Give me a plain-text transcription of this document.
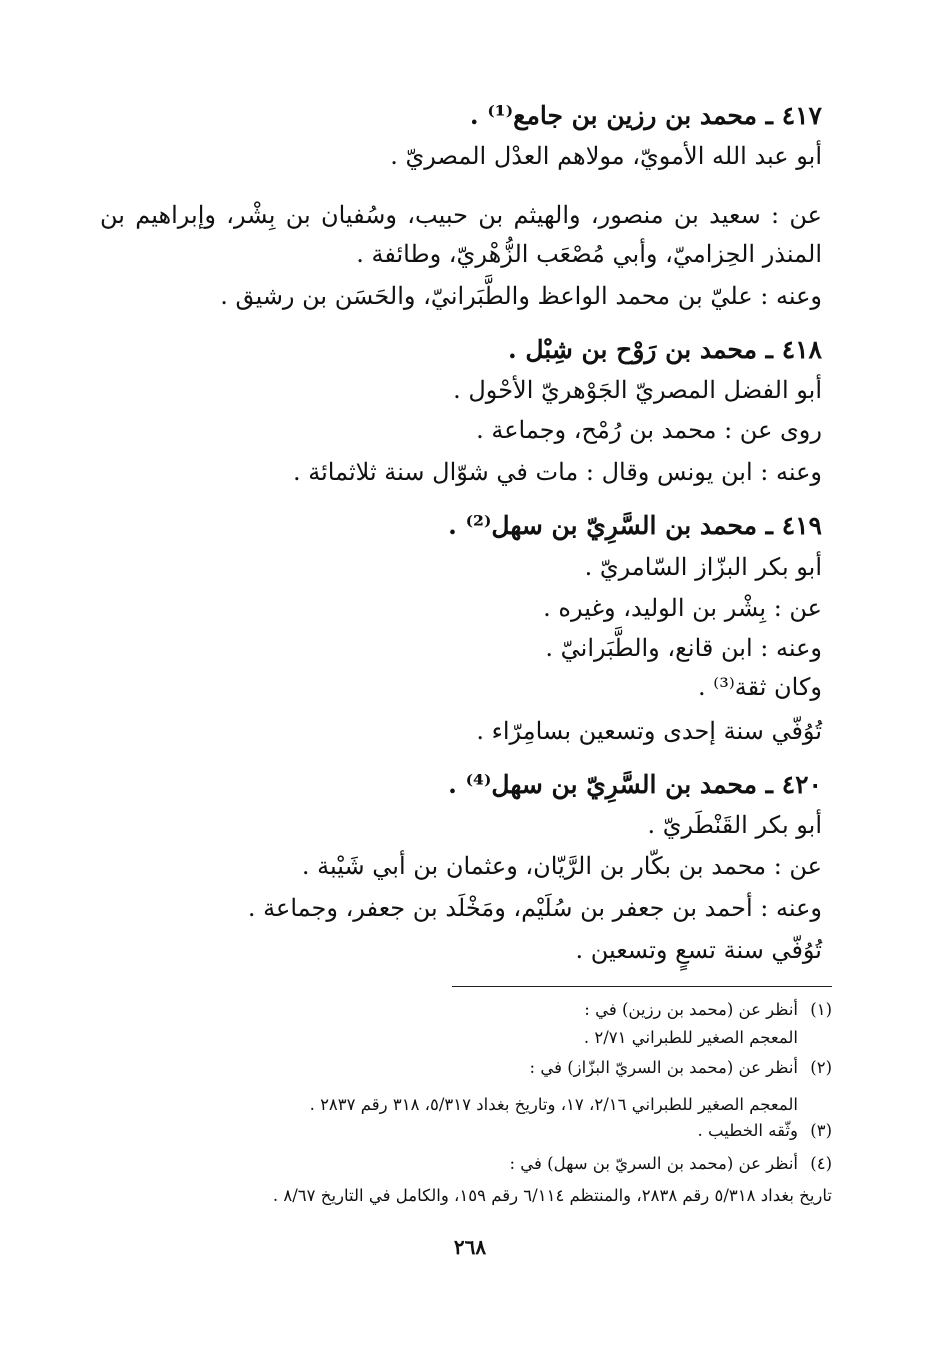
٤١٧ ـ محمد بن رزين بن جامع⁽¹⁾ .
أبو عبد الله الأمويّ، مولاهم العدْل المصريّ .
عن : سعيد بن منصور، والهيثم بن حبيب، وسُفيان بن بِشْر، وإبراهيم بن
المنذر الحِزاميّ، وأبي مُصْعَب الزُّهْريّ، وطائفة .
وعنه : عليّ بن محمد الواعظ والطَّبَرانيّ، والحَسَن بن رشيق .
٤١٨ ـ محمد بن رَوْح بن شِبْل .
أبو الفضل المصريّ الجَوْهريّ الأحْول .
روى عن : محمد بن رُمْح، وجماعة .
وعنه : ابن يونس وقال : مات في شوّال سنة ثلاثمائة .
٤١٩ ـ محمد بن السَّرِيّ بن سهل⁽²⁾ .
أبو بكر البزّاز السّامريّ .
عن : بِشْر بن الوليد، وغيره .
وعنه : ابن قانع، والطَّبَرانيّ .
وكان ثقة⁽³⁾ .
تُوُفّي سنة إحدى وتسعين بسامِرّاء .
٤٢٠ ـ محمد بن السَّرِيّ بن سهل⁽⁴⁾ .
أبو بكر القَنْطَريّ .
عن : محمد بن بكّار بن الرَّيّان، وعثمان بن أبي شَيْبة .
وعنه : أحمد بن جعفر بن سُلَيْم، ومَخْلَد بن جعفر، وجماعة .
تُوُفّي سنة تسعٍ وتسعين .
(١)أنظر عن (محمد بن رزين) في :
المعجم الصغير للطبراني ٢/٧١ .
(٢)أنظر عن (محمد بن السريّ البزّاز) في :
المعجم الصغير للطبراني ٢/١٦، ١٧، وتاريخ بغداد ٥/٣١٧، ٣١٨ رقم ٢٨٣٧ .
(٣)وثّقه الخطيب .
(٤)أنظر عن (محمد بن السريّ بن سهل) في :
تاريخ بغداد ٥/٣١٨ رقم ٢٨٣٨، والمنتظم ٦/١١٤ رقم ١٥٩، والكامل في التاريخ ٨/٦٧ .
٢٦٨
